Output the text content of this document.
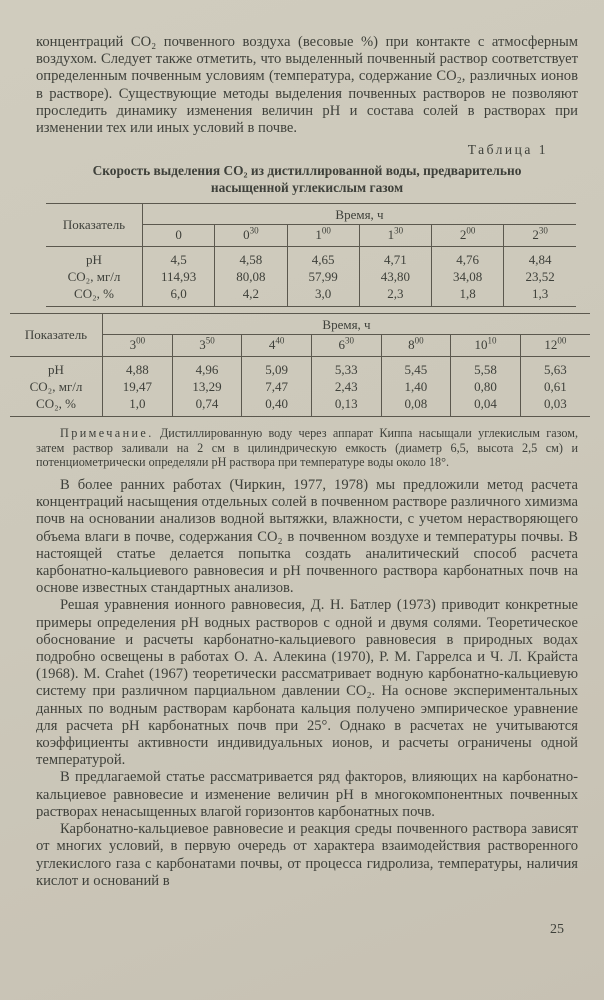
концентраций CO₂ почвенного воздуха (весовые %) при контакте с атмосферным воздухом. Следует также отметить, что выделенный почвенный раствор соответствует определенным почвенным условиям (температура, содержание CO₂, различных ионов в растворе). Существующие методы выделения почвенных растворов не позволяют проследить динамику изменения величин pH и состава солей в растворах при изменении тех или иных условий в почве.

Таблица 1
Скорость выделения CO₂ из дистиллированной воды, предварительно насыщенной углекислым газом
Показатель	Время, ч					
	0	$0^{30}$	$1^{00}$	$1^{30}$	$2^{00}$	$2^{30}$
pH	4,5	4,58	4,65	4,71	4,76	4,84
CO₂, мг/л	114,93	80,08	57,99	43,80	34,08	23,52
CO₂, %	6,0	4,2	3,0	2,3	1,8	1,3
Показатель	Время, ч						
	$3^{00}$	$3^{50}$	$4^{40}$	$6^{30}$	$8^{00}$	$10^{10}$	$12^{00}$
pH	4,88	4,96	5,09	5,33	5,45	5,58	5,63
CO₂, мг/л	19,47	13,29	7,47	2,43	1,40	0,80	0,61
CO₂, %	1,0	0,74	0,40	0,13	0,08	0,04	0,03

Примечание. Дистиллированную воду через аппарат Киппа насыщали углекислым газом, затем раствор заливали на 2 см в цилиндрическую емкость (диаметр 6,5, высота 2,5 см) и потенциометрически определяли pH раствора при температуре воды около 18°.

В более ранних работах (Чиркин, 1977, 1978) мы предложили метод расчета концентраций насыщения отдельных солей в почвенном растворе различного химизма почв на основании анализов водной вытяжки, влажности, с учетом нерастворяющего объема влаги в почве, содержания CO₂ в почвенном воздухе и температуры почвы. В настоящей статье делается попытка создать аналитический способ расчета карбонатно-кальциевого равновесия и pH почвенного раствора карбонатных почв на основе известных стандартных анализов.

Решая уравнения ионного равновесия, Д. Н. Батлер (1973) приводит конкретные примеры определения pH водных растворов с одной и двумя солями. Теоретическое обоснование и расчеты карбонатно-кальциевого равновесия в природных водах подробно освещены в работах О. А. Алекина (1970), Р. М. Гаррелса и Ч. Л. Крайста (1968). М. Crahet (1967) теоретически рассматривает водную карбонатно-кальциевую систему при различном парциальном давлении CO₂. На основе экспериментальных данных по водным растворам карбоната кальция получено эмпирическое уравнение для расчета pH карбонатных почв при 25°. Однако в расчетах не учитываются коэффициенты активности индивидуальных ионов, и расчеты ограничены одной температурой.

В предлагаемой статье рассматривается ряд факторов, влияющих на карбонатно-кальциевое равновесие и изменение величин pH в многокомпонентных почвенных растворах ненасыщенных влагой горизонтов карбонатных почв.

Карбонатно-кальциевое равновесие и реакция среды почвенного раствора зависят от многих условий, в первую очередь от характера взаимодействия растворенного углекислого газа с карбонатами почвы, от процесса гидролиза, температуры, наличия кислот и оснований в

25
